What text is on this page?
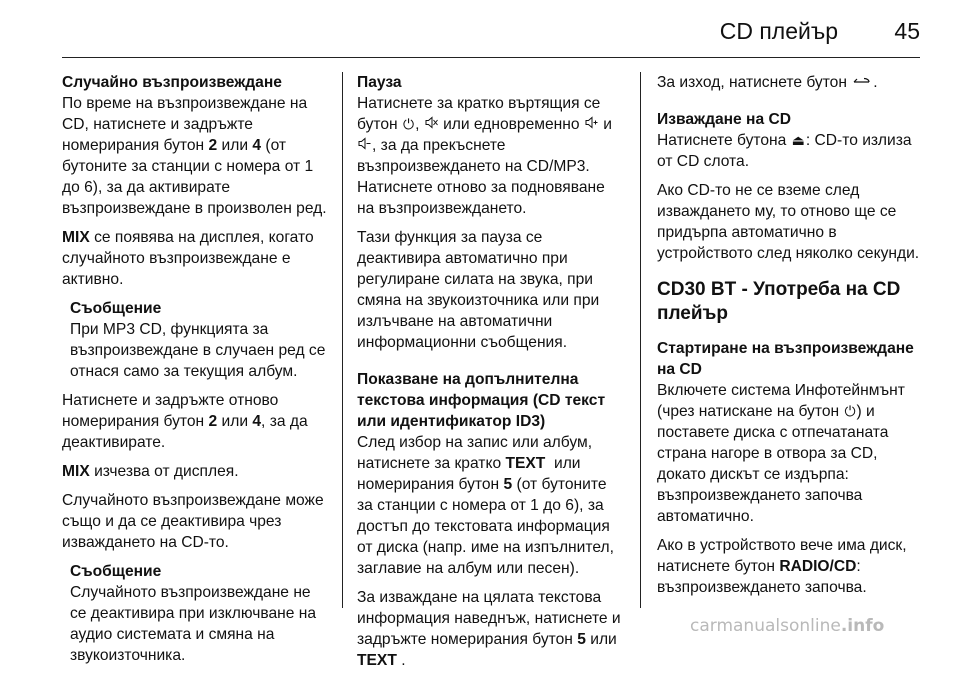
CD плейър 45

Случайно възпроизвеждане

По време на възпроизвеждане на CD, натиснете и задръжте номерирания бутон 2 или 4 (от бутоните за станции с номера от 1 до 6), за да активирате възпроизвеждане в произволен ред.

MIX се появява на дисплея, когато случайното възпроизвеждане е активно.

Съобщение
При MP3 CD, функцията за възпроизвеждане в случаен ред се отнася само за текущия албум.

Натиснете и задръжте отново номерирания бутон 2 или 4, за да деактивирате.

MIX изчезва от дисплея.

Случайното възпроизвеждане може също и да се деактивира чрез изваждането на CD-то.

Съобщение
Случайното възпроизвеждане не се деактивира при изключване на аудио системата и смяна на звукоизточника.

Пауза

Натиснете за кратко въртящия се бутон ⏻,  или едновременно  и , за да прекъснете възпроизвеждането на CD/MP3. Натиснете отново за подновяване на възпроизвеждането.

Тази функция за пауза се деактивира автоматично при регулиране силата на звука, при смяна на звукоизточника или при излъчване на автоматични информационни съобщения.

Показване на допълнителна текстова информация (CD текст или идентификатор ID3)

След избор на запис или албум, натиснете за кратко TEXT  или номерирания бутон 5 (от бутоните за станции с номера от 1 до 6), за достъп до текстовата информация от диска (напр. име на изпълнител, заглавие на албум или песен).

За изваждане на цялата текстова информация наведнъж, натиснете и задръжте номерирания бутон 5 или TEXT .

За изход, натиснете бутон .

Изваждане на CD

Натиснете бутона ⏏: CD-то излиза от CD слота.

Ако CD-то не се вземе след изваждането му, то отново ще се придърпа автоматично в устройството след няколко секунди.

CD30 BT - Употреба на CD плейър

Стартиране на възпроизвеждане на CD

Включете система Инфотейнмънт (чрез натискане на бутон ⏻) и поставете диска с отпечатаната страна нагоре в отвора за CD, докато дискът се издърпа: възпроизвеждането започва автоматично.

Ако в устройството вече има диск, натиснете бутон RADIO/CD: възпроизвеждането започва.

carmanualsonline.info
